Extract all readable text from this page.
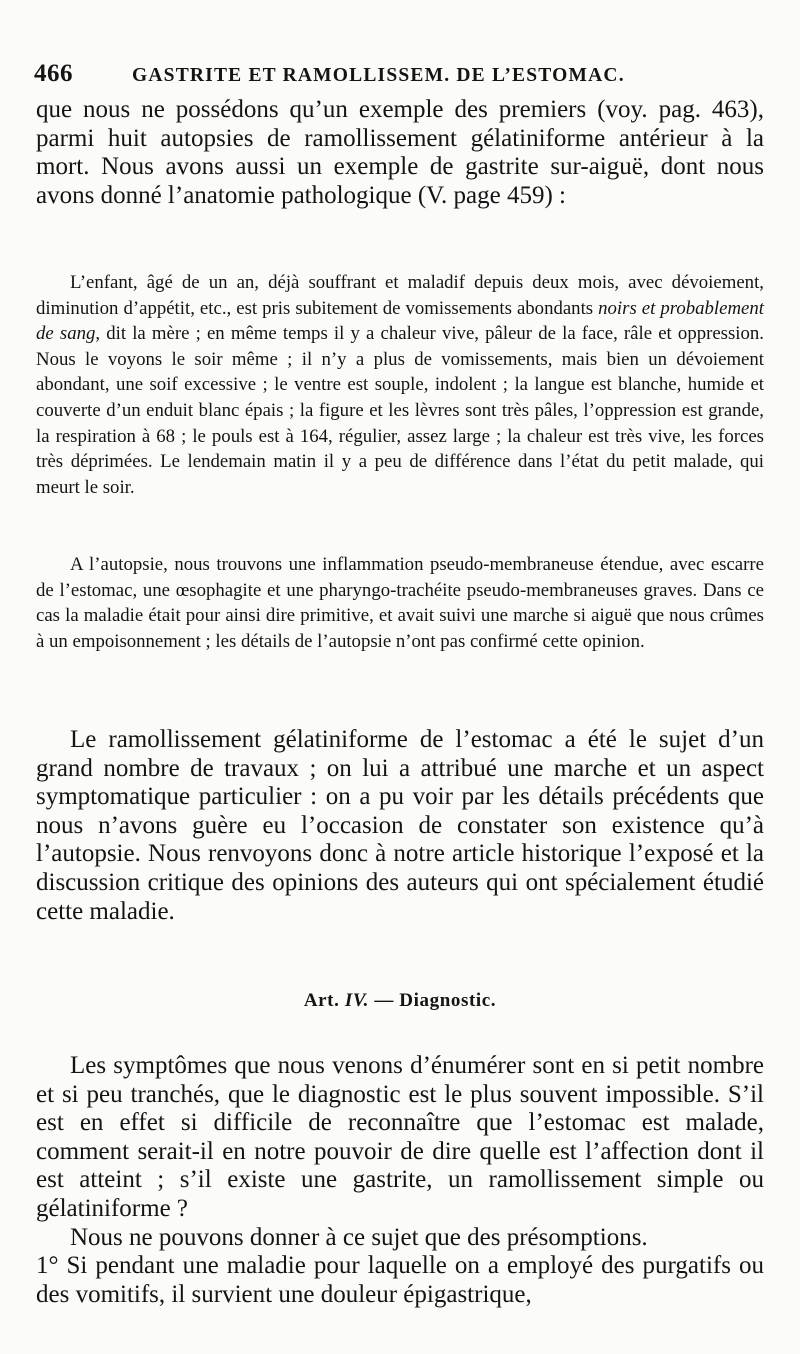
466	GASTRITE ET RAMOLLISSEM. DE L’ESTOMAC.

que nous ne possédons qu’un exemple des premiers (voy. pag. 463), parmi huit autopsies de ramollissement gélatiniforme antérieur à la mort. Nous avons aussi un exemple de gastrite sur-aiguë, dont nous avons donné l’anatomie pathologique (V. page 459) :

L’enfant, âgé de un an, déjà souffrant et maladif depuis deux mois, avec dévoiement, diminution d’appétit, etc., est pris subitement de vomissements abondants noirs et probablement de sang, dit la mère ; en même temps il y a chaleur vive, pâleur de la face, râle et oppression. Nous le voyons le soir même ; il n’y a plus de vomissements, mais bien un dévoiement abondant, une soif excessive ; le ventre est souple, indolent ; la langue est blanche, humide et couverte d’un enduit blanc épais ; la figure et les lèvres sont très pâles, l’oppression est grande, la respiration à 68 ; le pouls est à 164, régulier, assez large ; la chaleur est très vive, les forces très déprimées. Le lendemain matin il y a peu de différence dans l’état du petit malade, qui meurt le soir.

A l’autopsie, nous trouvons une inflammation pseudo-membraneuse étendue, avec escarre de l’estomac, une œsophagite et une pharyngo-trachéite pseudo-membraneuses graves. Dans ce cas la maladie était pour ainsi dire primitive, et avait suivi une marche si aiguë que nous crûmes à un empoisonnement ; les détails de l’autopsie n’ont pas confirmé cette opinion.

Le ramollissement gélatiniforme de l’estomac a été le sujet d’un grand nombre de travaux ; on lui a attribué une marche et un aspect symptomatique particulier : on a pu voir par les détails précédents que nous n’avons guère eu l’occasion de constater son existence qu’à l’autopsie. Nous renvoyons donc à notre article historique l’exposé et la discussion critique des opinions des auteurs qui ont spécialement étudié cette maladie.

Art. IV. — Diagnostic.

Les symptômes que nous venons d’énumérer sont en si petit nombre et si peu tranchés, que le diagnostic est le plus souvent impossible. S’il est en effet si difficile de reconnaître que l’estomac est malade, comment serait-il en notre pouvoir de dire quelle est l’affection dont il est atteint ; s’il existe une gastrite, un ramollissement simple ou gélatiniforme ?

Nous ne pouvons donner à ce sujet que des présomptions.

1° Si pendant une maladie pour laquelle on a employé des purgatifs ou des vomitifs, il survient une douleur épigastrique,
